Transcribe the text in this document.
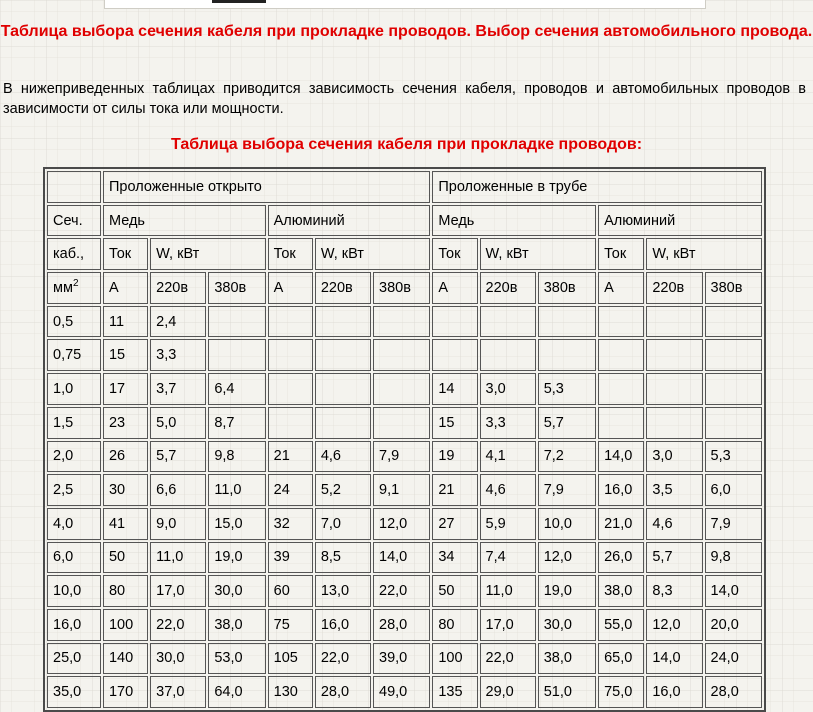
Таблица выбора сечения кабеля при прокладке проводов. Выбор сечения автомобильного провода.

В нижеприведенных таблицах приводится зависимость сечения кабеля, проводов и автомобильных проводов в зависимости от силы тока или мощности.

Таблица выбора сечения кабеля при прокладке проводов:
	Проложенные открыто						Проложенные в трубе					
Сеч.	Медь			Алюминий			Медь			Алюминий		
каб.,	Ток	W, кВт		Ток	W, кВт		Ток	W, кВт		Ток	W, кВт	
$мм^2$	А	220в	380в	А	220в	380в	А	220в	380в	А	220в	380в
0,5	11	2,4										
0,75	15	3,3										
1,0	17	3,7	6,4				14	3,0	5,3			
1,5	23	5,0	8,7				15	3,3	5,7			
2,0	26	5,7	9,8	21	4,6	7,9	19	4,1	7,2	14,0	3,0	5,3
2,5	30	6,6	11,0	24	5,2	9,1	21	4,6	7,9	16,0	3,5	6,0
4,0	41	9,0	15,0	32	7,0	12,0	27	5,9	10,0	21,0	4,6	7,9
6,0	50	11,0	19,0	39	8,5	14,0	34	7,4	12,0	26,0	5,7	9,8
10,0	80	17,0	30,0	60	13,0	22,0	50	11,0	19,0	38,0	8,3	14,0
16,0	100	22,0	38,0	75	16,0	28,0	80	17,0	30,0	55,0	12,0	20,0
25,0	140	30,0	53,0	105	22,0	39,0	100	22,0	38,0	65,0	14,0	24,0
35,0	170	37,0	64,0	130	28,0	49,0	135	29,0	51,0	75,0	16,0	28,0
